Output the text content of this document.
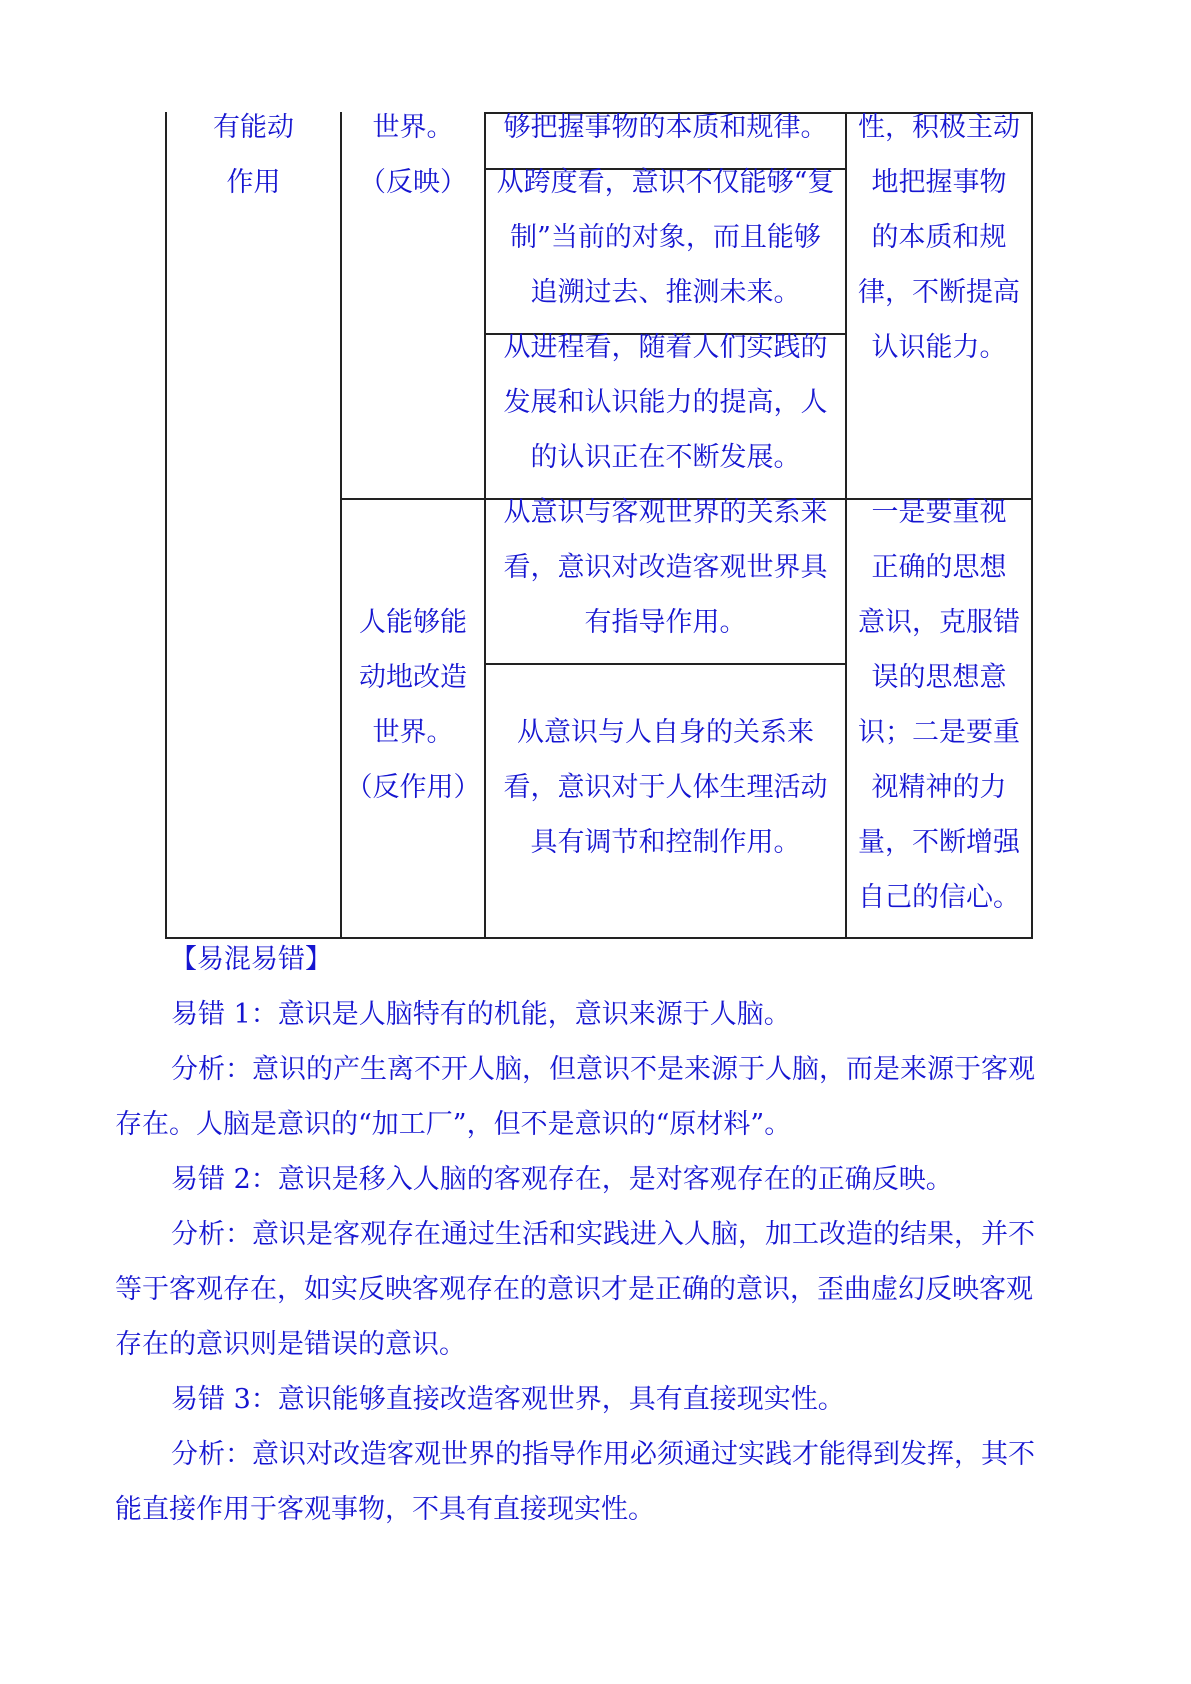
有能动
作用
世界。
（反映）
够把握事物的本质和规律。
从跨度看，意识不仅能够“复
制”当前的对象，而且能够
追溯过去、推测未来。
从进程看，随着人们实践的
发展和认识能力的提高，人
的认识正在不断发展。
性，积极主动
地把握事物
的本质和规
律，不断提高
认识能力。
人能够能
动地改造
世界。
（反作用）
从意识与客观世界的关系来
看，意识对改造客观世界具
有指导作用。
从意识与人自身的关系来
看，意识对于人体生理活动
具有调节和控制作用。
一是要重视
正确的思想
意识，克服错
误的思想意
识；二是要重
视精神的力
量，不断增强
自己的信心。
【易混易错】
易错 1：意识是人脑特有的机能，意识来源于人脑。
分析：意识的产生离不开人脑，但意识不是来源于人脑，而是来源于客观
存在。人脑是意识的“加工厂”，但不是意识的“原材料”。
易错 2：意识是移入人脑的客观存在，是对客观存在的正确反映。
分析：意识是客观存在通过生活和实践进入人脑，加工改造的结果，并不
等于客观存在，如实反映客观存在的意识才是正确的意识，歪曲虚幻反映客观
存在的意识则是错误的意识。
易错 3：意识能够直接改造客观世界，具有直接现实性。
分析：意识对改造客观世界的指导作用必须通过实践才能得到发挥，其不
能直接作用于客观事物，不具有直接现实性。
